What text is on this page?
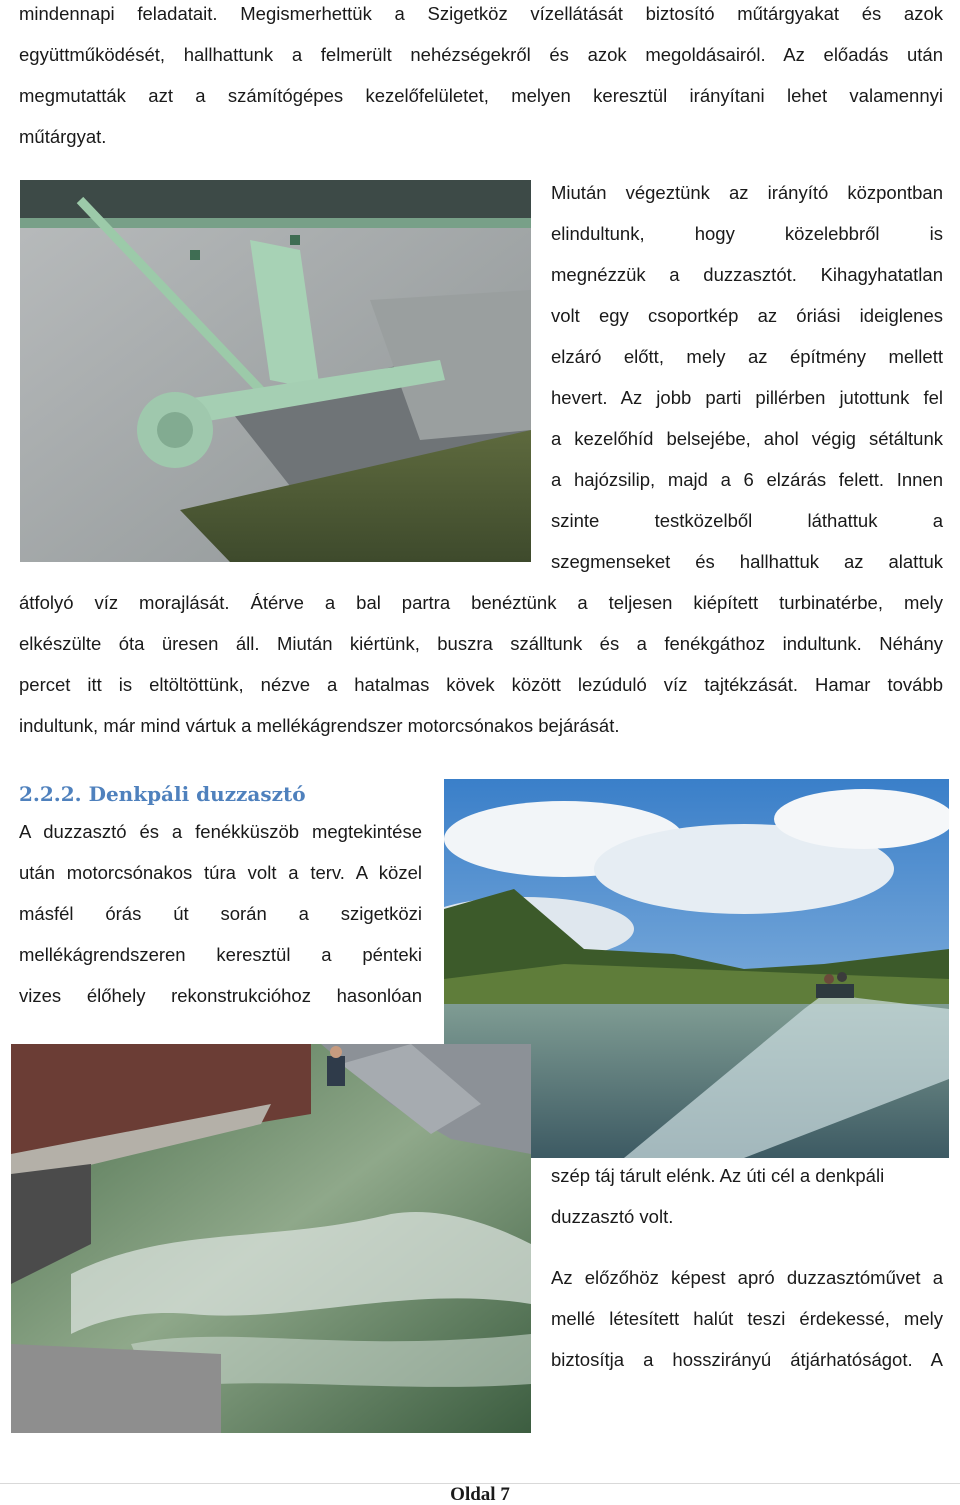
mindennapi feladatait. Megismerhettük a Szigetköz vízellátását biztosító műtárgyakat és azok
együttműködését, hallhattunk a felmerült nehézségekről és azok megoldásairól. Az előadás után
megmutatták azt a számítógépes kezelőfelületet, melyen keresztül irányítani lehet valamennyi
műtárgyat.
Miután végeztünk az irányító központban
elindultunk, hogy közelebbről is
megnézzük a duzzasztót. Kihagyhatatlan
volt egy csoportkép az óriási ideiglenes
elzáró előtt, mely az építmény mellett
hevert. Az jobb parti pillérben jutottunk fel
a kezelőhíd belsejébe, ahol végig sétáltunk
a hajózsilip, majd a 6 elzárás felett. Innen
szinte testközelből láthattuk a
szegmenseket és hallhattuk az alattuk
átfolyó víz morajlását. Átérve a bal partra benéztünk a teljesen kiépített turbinatérbe, mely
elkészülte óta üresen áll. Miután kiértünk, buszra szálltunk és a fenékgáthoz indultunk. Néhány
percet itt is eltöltöttünk, nézve a hatalmas kövek között lezúduló víz tajtékzását. Hamar tovább
indultunk, már mind vártuk a mellékágrendszer motorcsónakos bejárását.
2.2.2. Denkpáli duzzasztó
A duzzasztó és a fenékküszöb megtekintése
után motorcsónakos túra volt a terv. A közel
másfél órás út során a szigetközi
mellékágrendszeren keresztül a pénteki
vizes élőhely rekonstrukcióhoz hasonlóan
szép táj tárult elénk. Az úti cél a denkpáli
duzzasztó volt.
Az előzőhöz képest apró duzzasztóművet a
mellé létesített halút teszi érdekessé, mely
biztosítja a hosszirányú átjárhatóságot. A
Oldal 7
